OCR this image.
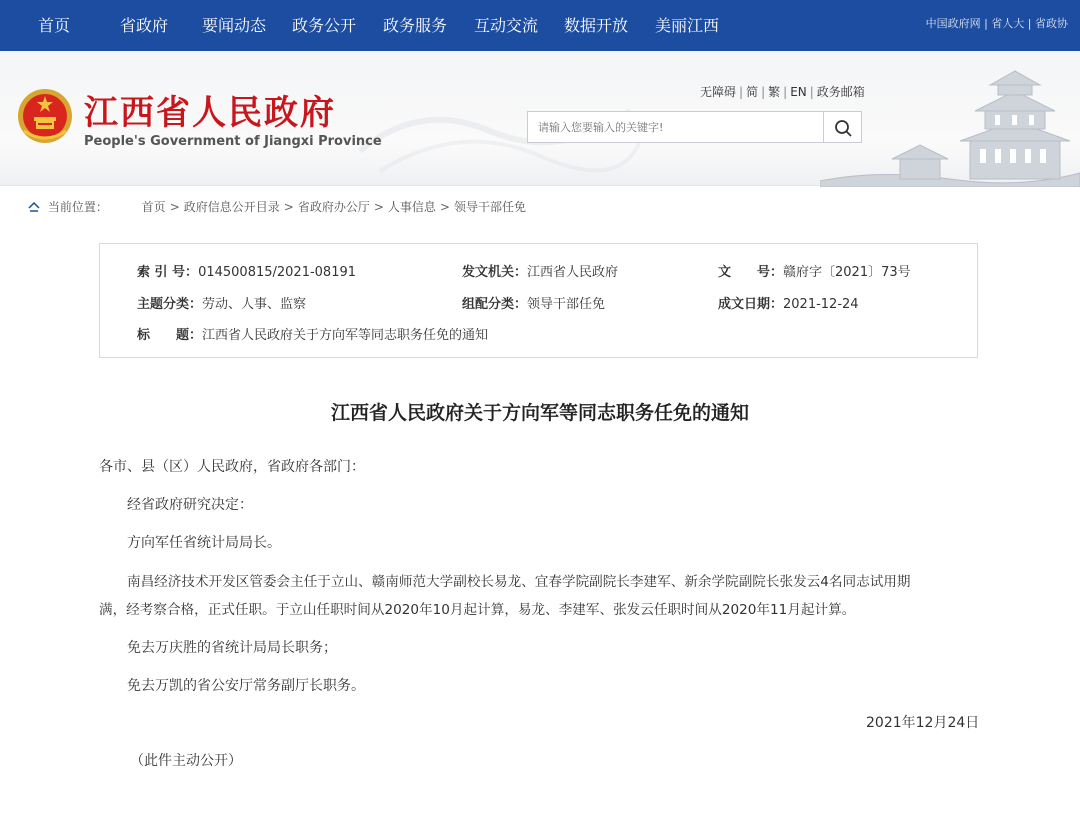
首页	省政府 要闻动态 政务公开 政务服务 互动交流 数据开放 美丽江西	中国政府网 | 省人大 | 省政协
江西省人民政府
People's Government of Jiangxi Province
无障碍 | 简 | 繁 | EN | 政务邮箱
请输入您要输入的关键字!
当前位置：	首页 > 政府信息公开目录 > 省政府办公厅 > 人事信息 > 领导干部任免
索 引 号：014500815/2021-08191	发文机关：江西省人民政府	文　　号：赣府字〔2021〕73号
主题分类：劳动、人事、监察	组配分类：领导干部任免	成文日期：2021-12-24
标　　题：江西省人民政府关于方向军等同志职务任免的通知
江西省人民政府关于方向军等同志职务任免的通知
各市、县（区）人民政府，省政府各部门：
经省政府研究决定：
方向军任省统计局局长。
南昌经济技术开发区管委会主任于立山、赣南师范大学副校长易龙、宜春学院副院长李建军、新余学院副院长张发云4名同志试用期
满，经考察合格，正式任职。于立山任职时间从2020年10月起计算，易龙、李建军、张发云任职时间从2020年11月起计算。
免去万庆胜的省统计局局长职务；
免去万凯的省公安厅常务副厅长职务。
2021年12月24日
（此件主动公开）
